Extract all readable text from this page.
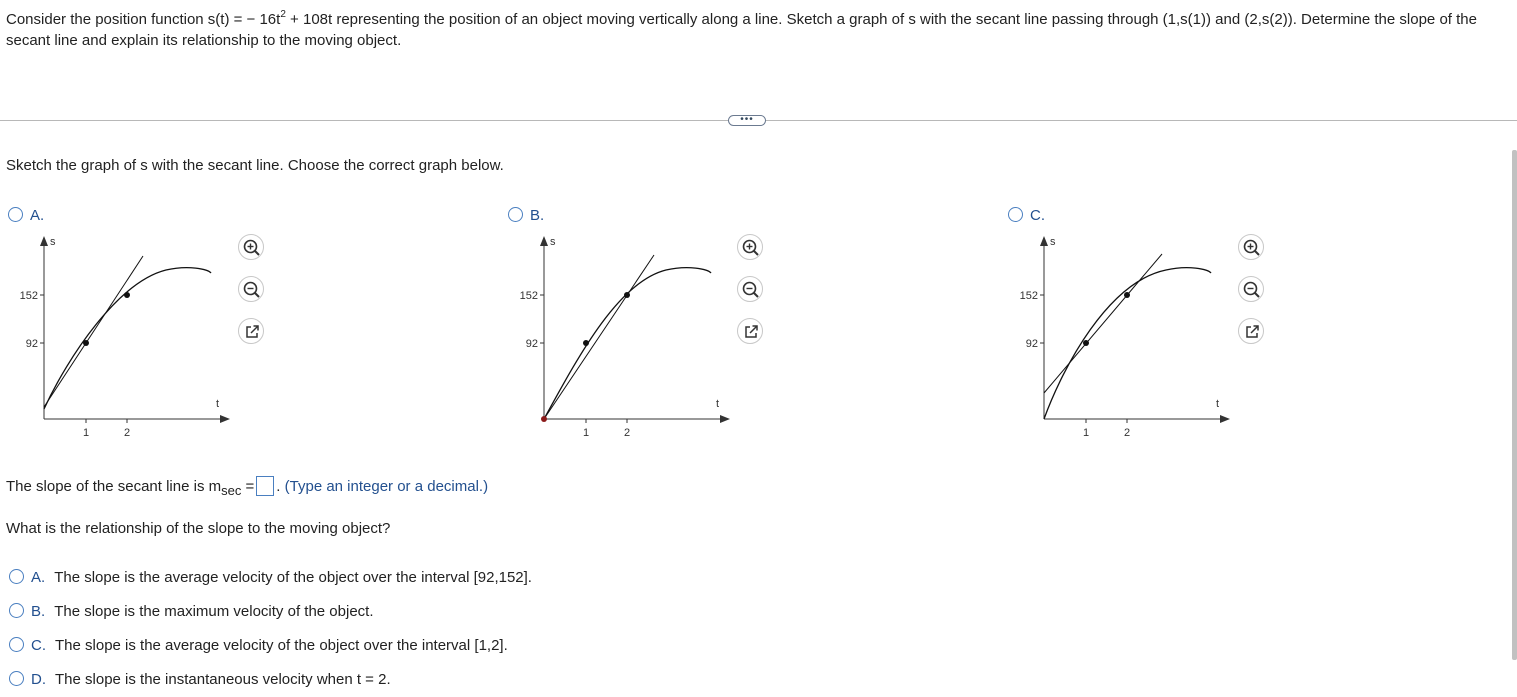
Consider the position function s(t) = − $16t^2 + 108t$ representing the position of an object moving vertically along a line. Sketch a graph of s with the secant line passing through (1,s(1)) and (2,s(2)). Determine the slope of the secant line and explain its relationship to the moving object.
•••
Sketch the graph of s with the secant line. Choose the correct graph below.
A.
s
t
152
92
1	2
B.
s
t
152
92
1	2
C.
s
t
152
92
1	2
The slope of the secant line is $m_{sec}$ = . (Type an integer or a decimal.)
What is the relationship of the slope to the moving object?
A. The slope is the average velocity of the object over the interval [92,152].
B. The slope is the maximum velocity of the object.
C. The slope is the average velocity of the object over the interval [1,2].
D. The slope is the instantaneous velocity when t = 2.
